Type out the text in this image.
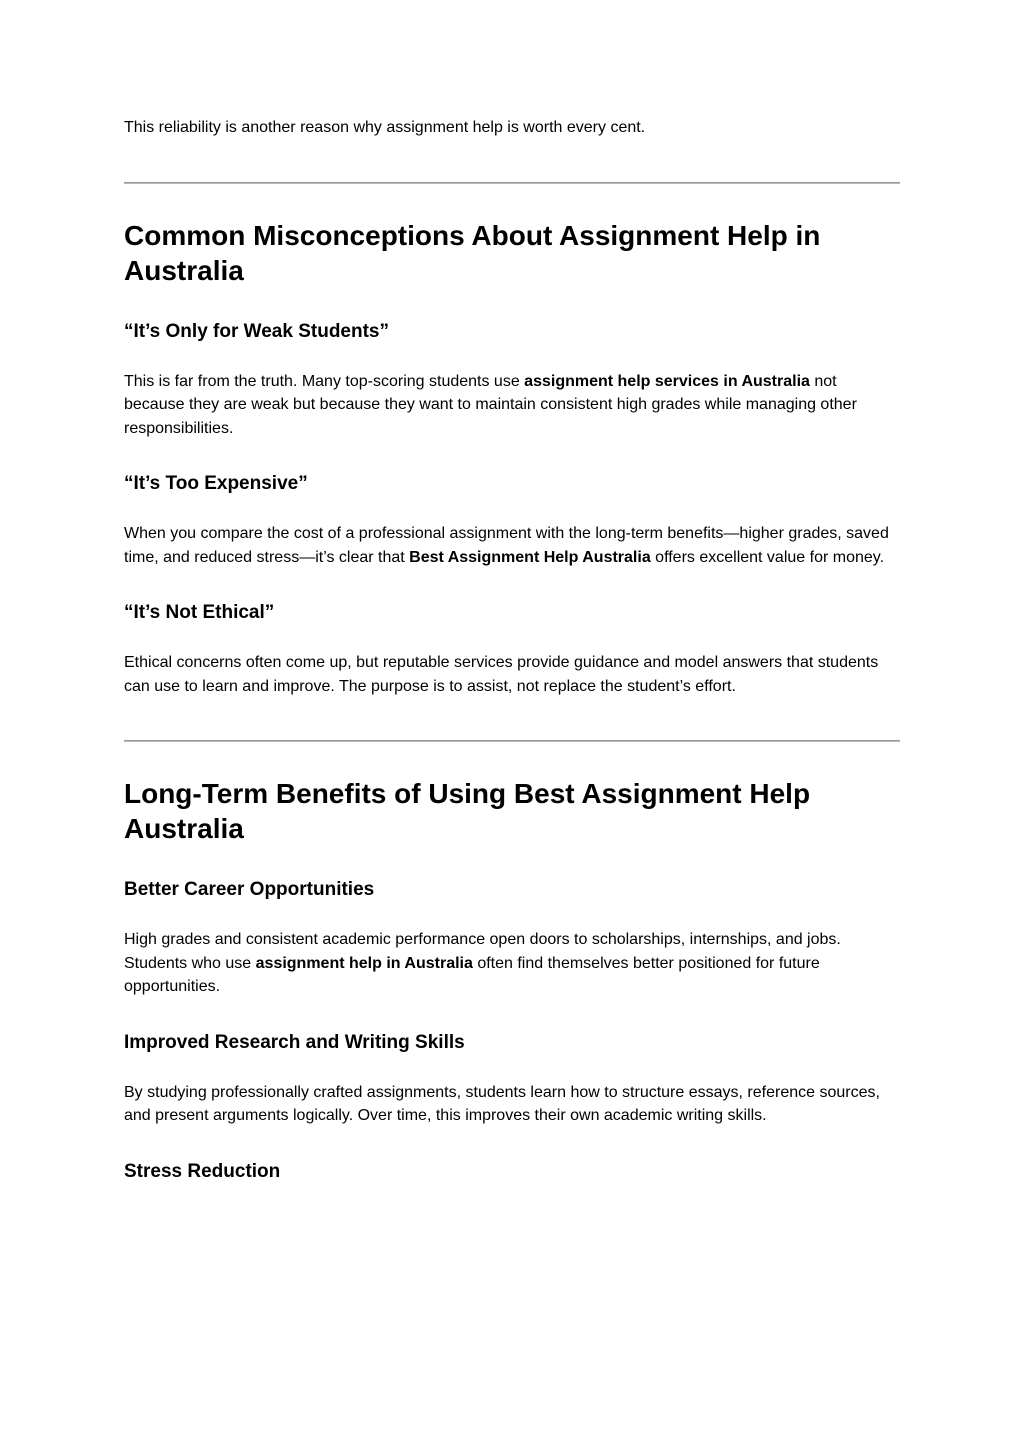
This reliability is another reason why assignment help is worth every cent.

Common Misconceptions About Assignment Help in Australia
“It’s Only for Weak Students”

This is far from the truth. Many top-scoring students use assignment help services in Australia not because they are weak but because they want to maintain consistent high grades while managing other responsibilities.

“It’s Too Expensive”

When you compare the cost of a professional assignment with the long-term benefits—higher grades, saved time, and reduced stress—it’s clear that Best Assignment Help Australia offers excellent value for money.

“It’s Not Ethical”

Ethical concerns often come up, but reputable services provide guidance and model answers that students can use to learn and improve. The purpose is to assist, not replace the student’s effort.

Long-Term Benefits of Using Best Assignment Help Australia
Better Career Opportunities

High grades and consistent academic performance open doors to scholarships, internships, and jobs. Students who use assignment help in Australia often find themselves better positioned for future opportunities.

Improved Research and Writing Skills

By studying professionally crafted assignments, students learn how to structure essays, reference sources, and present arguments logically. Over time, this improves their own academic writing skills.

Stress Reduction
